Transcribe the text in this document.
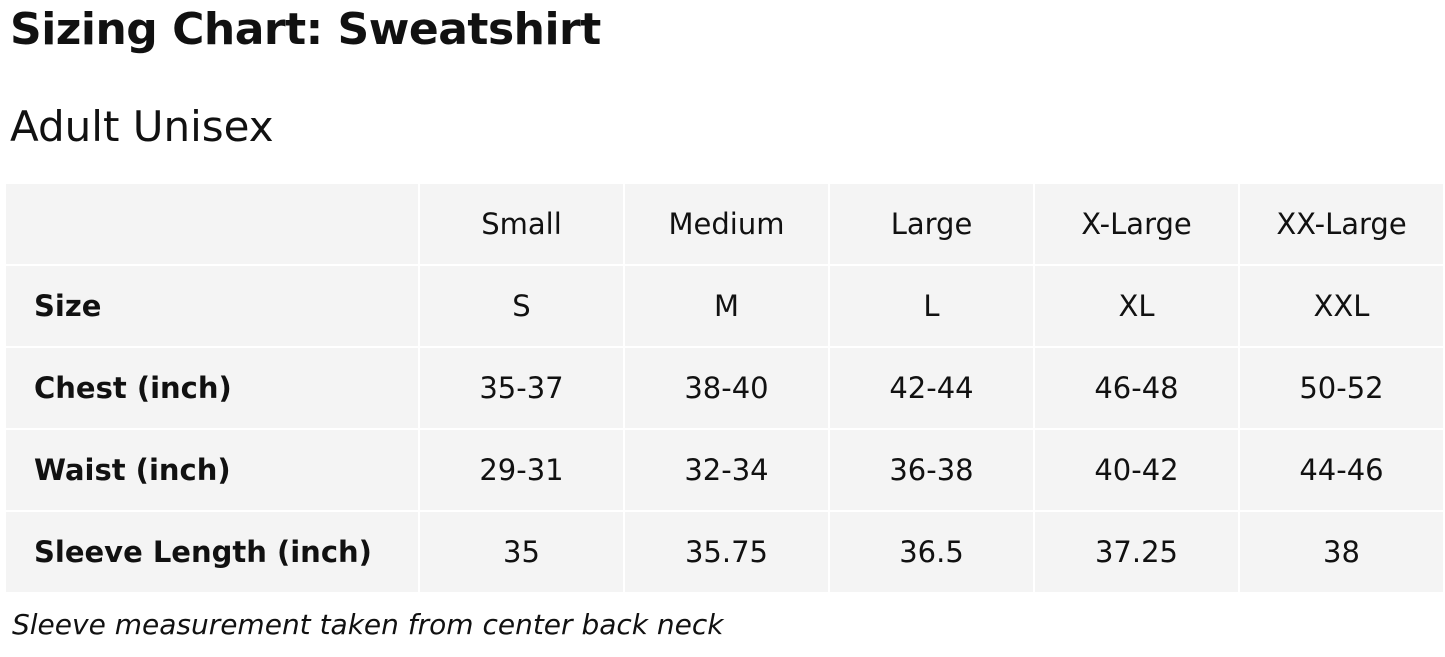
Sizing Chart: Sweatshirt
Adult Unisex
	Small	Medium	Large	X-Large	XX-Large
Size	S	M	L	XL	XXL
Chest (inch)	35-37	38-40	42-44	46-48	50-52
Waist (inch)	29-31	32-34	36-38	40-42	44-46
Sleeve Length (inch)	35	35.75	36.5	37.25	38
Sleeve measurement taken from center back neck
